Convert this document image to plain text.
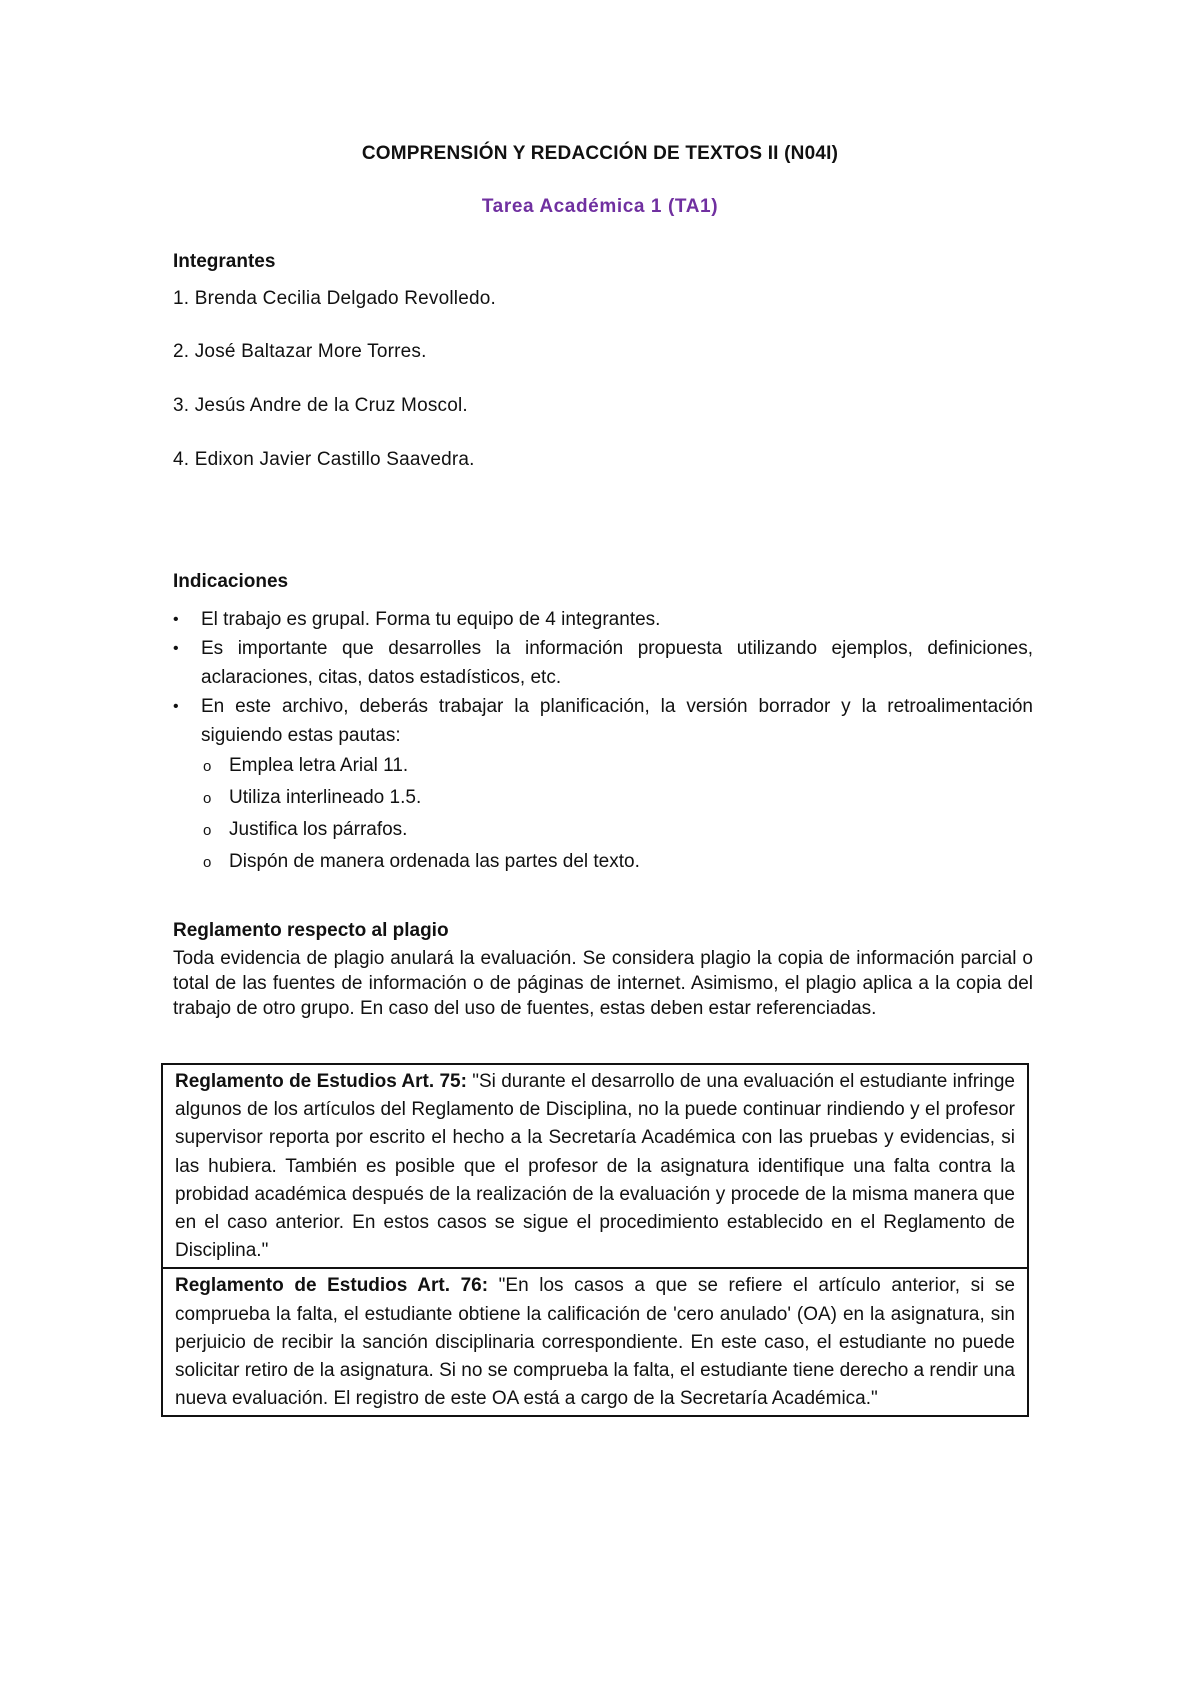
COMPRENSIÓN Y REDACCIÓN DE TEXTOS II (N04I)
Tarea Académica 1 (TA1)
Integrantes
1. Brenda Cecilia Delgado Revolledo.
2. José Baltazar More Torres.
3. Jesús Andre de la Cruz Moscol.
4. Edixon Javier Castillo Saavedra.
Indicaciones
• El trabajo es grupal. Forma tu equipo de 4 integrantes.
• Es importante que desarrolles la información propuesta utilizando ejemplos, definiciones, aclaraciones, citas, datos estadísticos, etc.
• En este archivo, deberás trabajar la planificación, la versión borrador y la retroalimentación siguiendo estas pautas:
o Emplea letra Arial 11.
o Utiliza interlineado 1.5.
o Justifica los párrafos.
o Dispón de manera ordenada las partes del texto.
Reglamento respecto al plagio
Toda evidencia de plagio anulará la evaluación. Se considera plagio la copia de información parcial o total de las fuentes de información o de páginas de internet. Asimismo, el plagio aplica a la copia del trabajo de otro grupo. En caso del uso de fuentes, estas deben estar referenciadas.
Reglamento de Estudios Art. 75: "Si durante el desarrollo de una evaluación el estudiante infringe algunos de los artículos del Reglamento de Disciplina, no la puede continuar rindiendo y el profesor supervisor reporta por escrito el hecho a la Secretaría Académica con las pruebas y evidencias, si las hubiera. También es posible que el profesor de la asignatura identifique una falta contra la probidad académica después de la realización de la evaluación y procede de la misma manera que en el caso anterior. En estos casos se sigue el procedimiento establecido en el Reglamento de Disciplina."
Reglamento de Estudios Art. 76: "En los casos a que se refiere el artículo anterior, si se comprueba la falta, el estudiante obtiene la calificación de 'cero anulado' (OA) en la asignatura, sin perjuicio de recibir la sanción disciplinaria correspondiente. En este caso, el estudiante no puede solicitar retiro de la asignatura. Si no se comprueba la falta, el estudiante tiene derecho a rendir una nueva evaluación. El registro de este OA está a cargo de la Secretaría Académica."
